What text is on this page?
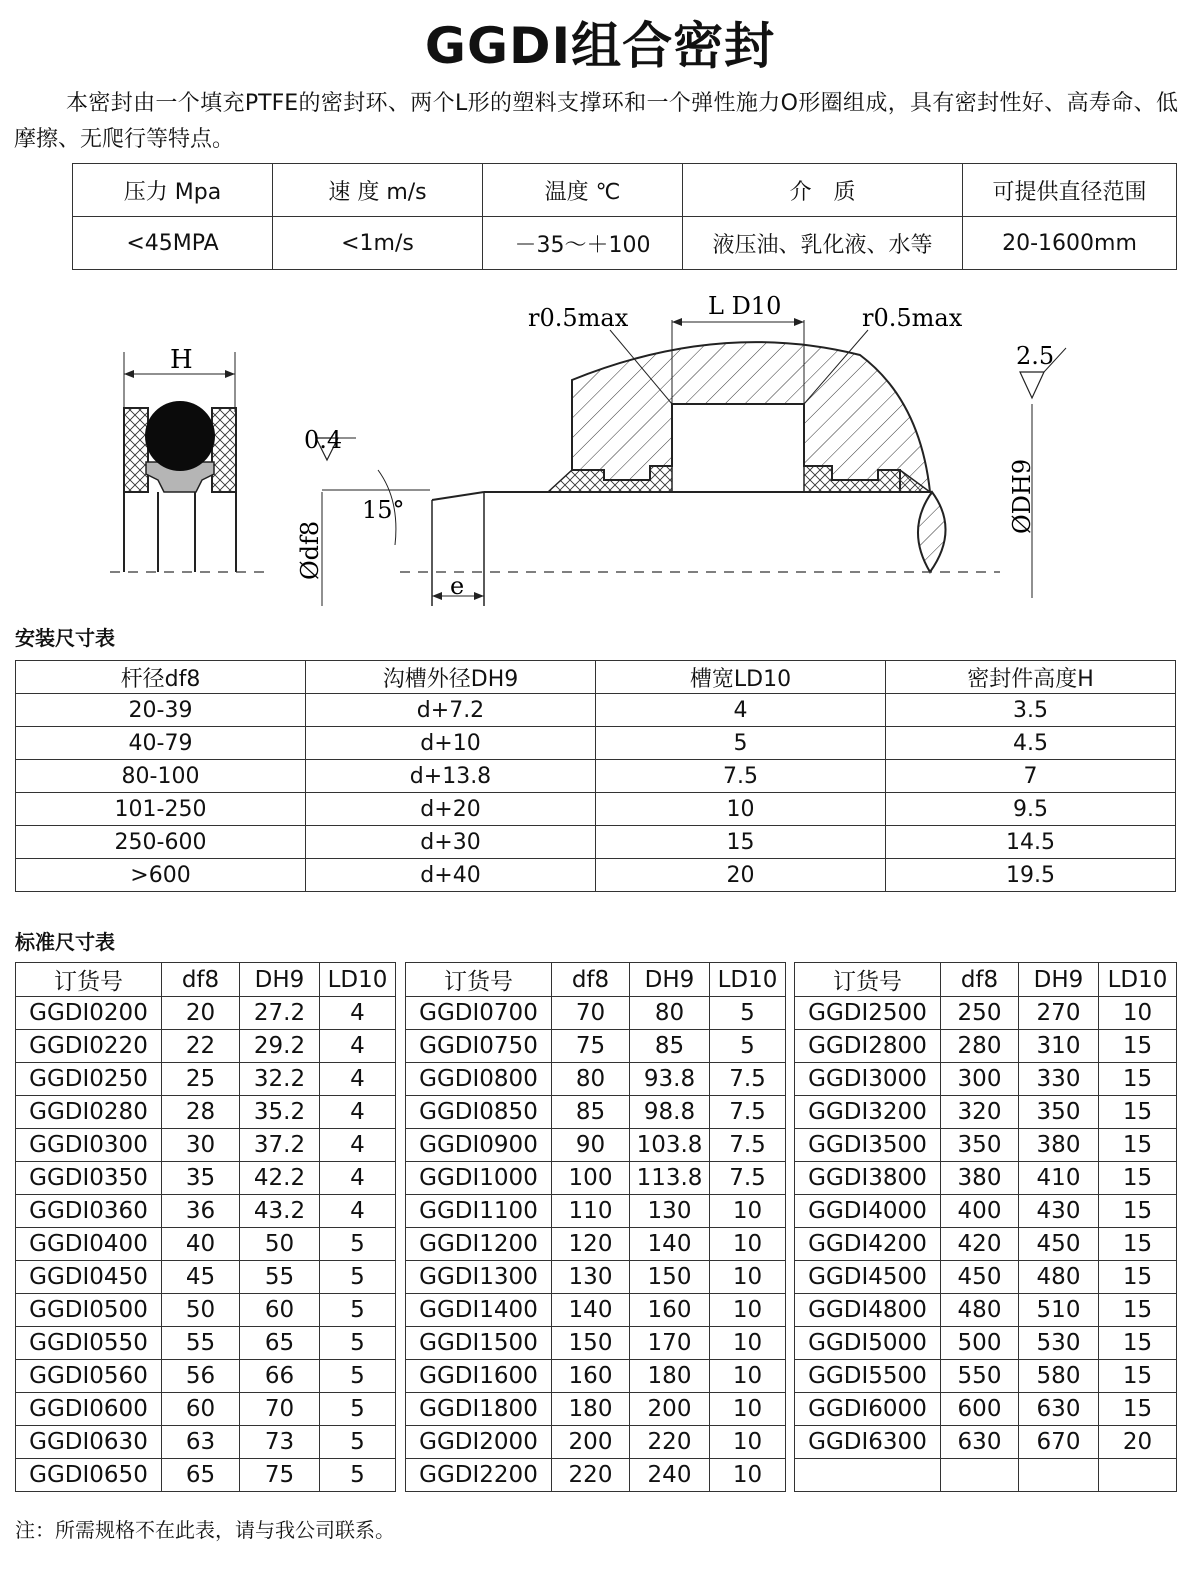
GGDI组合密封
本密封由一个填充PTFE的密封环、两个L形的塑料支撑环和一个弹性施力O形圈组成，具有密封性好、高寿命、低摩擦、无爬行等特点。
压力 Mpa	速 度 m/s	温度 ℃	介　质	可提供直径范围
<45MPA	<1m/s	－35～＋100	液压油、乳化液、水等	20-1600mm
H
r0.5max	L D10	r0.5max
2.5
0.4
15°
Ødf8
e
ØDH9
安装尺寸表
杆径df8	沟槽外径DH9	槽宽LD10	密封件高度H
20-39	d+7.2	4	3.5
40-79	d+10	5	4.5
80-100	d+13.8	7.5	7
101-250	d+20	10	9.5
250-600	d+30	15	14.5
>600	d+40	20	19.5
标准尺寸表
订货号	df8	DH9	LD10
GGDI0200	20	27.2	4
GGDI0220	22	29.2	4
GGDI0250	25	32.2	4
GGDI0280	28	35.2	4
GGDI0300	30	37.2	4
GGDI0350	35	42.2	4
GGDI0360	36	43.2	4
GGDI0400	40	50	5
GGDI0450	45	55	5
GGDI0500	50	60	5
GGDI0550	55	65	5
GGDI0560	56	66	5
GGDI0600	60	70	5
GGDI0630	63	73	5
GGDI0650	65	75	5
订货号	df8	DH9	LD10
GGDI0700	70	80	5
GGDI0750	75	85	5
GGDI0800	80	93.8	7.5
GGDI0850	85	98.8	7.5
GGDI0900	90	103.8	7.5
GGDI1000	100	113.8	7.5
GGDI1100	110	130	10
GGDI1200	120	140	10
GGDI1300	130	150	10
GGDI1400	140	160	10
GGDI1500	150	170	10
GGDI1600	160	180	10
GGDI1800	180	200	10
GGDI2000	200	220	10
GGDI2200	220	240	10
订货号	df8	DH9	LD10
GGDI2500	250	270	10
GGDI2800	280	310	15
GGDI3000	300	330	15
GGDI3200	320	350	15
GGDI3500	350	380	15
GGDI3800	380	410	15
GGDI4000	400	430	15
GGDI4200	420	450	15
GGDI4500	450	480	15
GGDI4800	480	510	15
GGDI5000	500	530	15
GGDI5500	550	580	15
GGDI6000	600	630	15
GGDI6300	630	670	20

注：所需规格不在此表，请与我公司联系。
